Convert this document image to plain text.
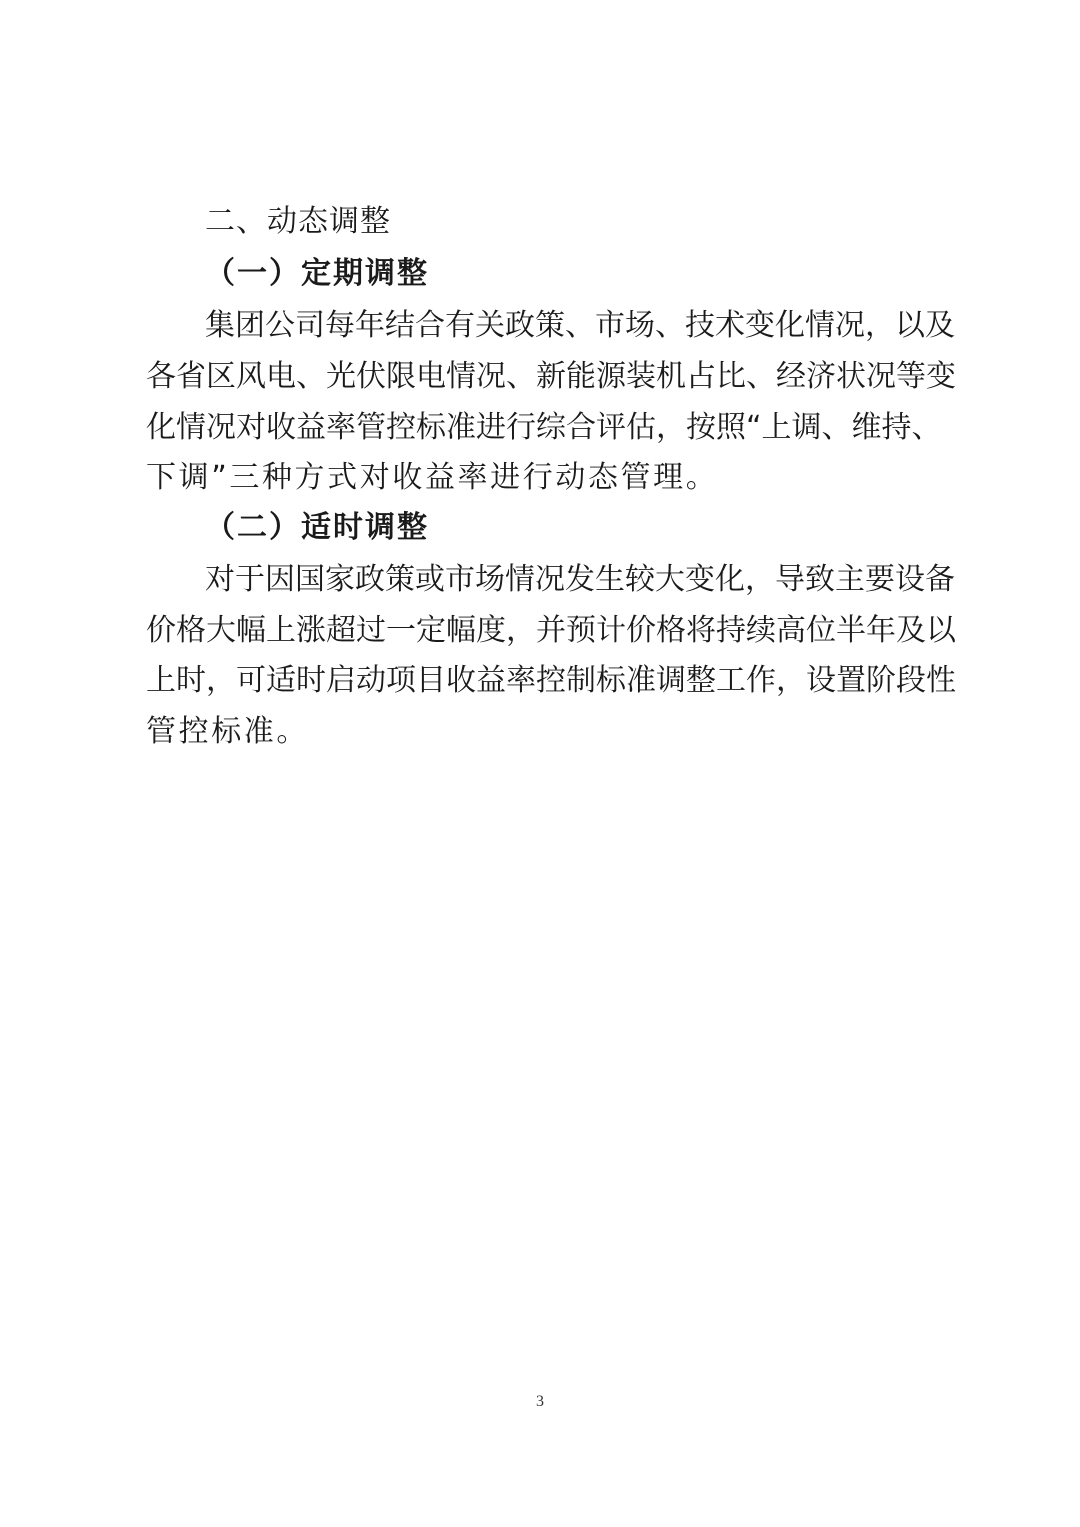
二、动态调整
（一）定期调整
集团公司每年结合有关政策、市场、技术变化情况，以及
各省区风电、光伏限电情况、新能源装机占比、经济状况等变
化情况对收益率管控标准进行综合评估，按照“上调、维持、
下调”三种方式对收益率进行动态管理。
（二）适时调整
对于因国家政策或市场情况发生较大变化，导致主要设备
价格大幅上涨超过一定幅度，并预计价格将持续高位半年及以
上时，可适时启动项目收益率控制标准调整工作，设置阶段性
管控标准。
3
